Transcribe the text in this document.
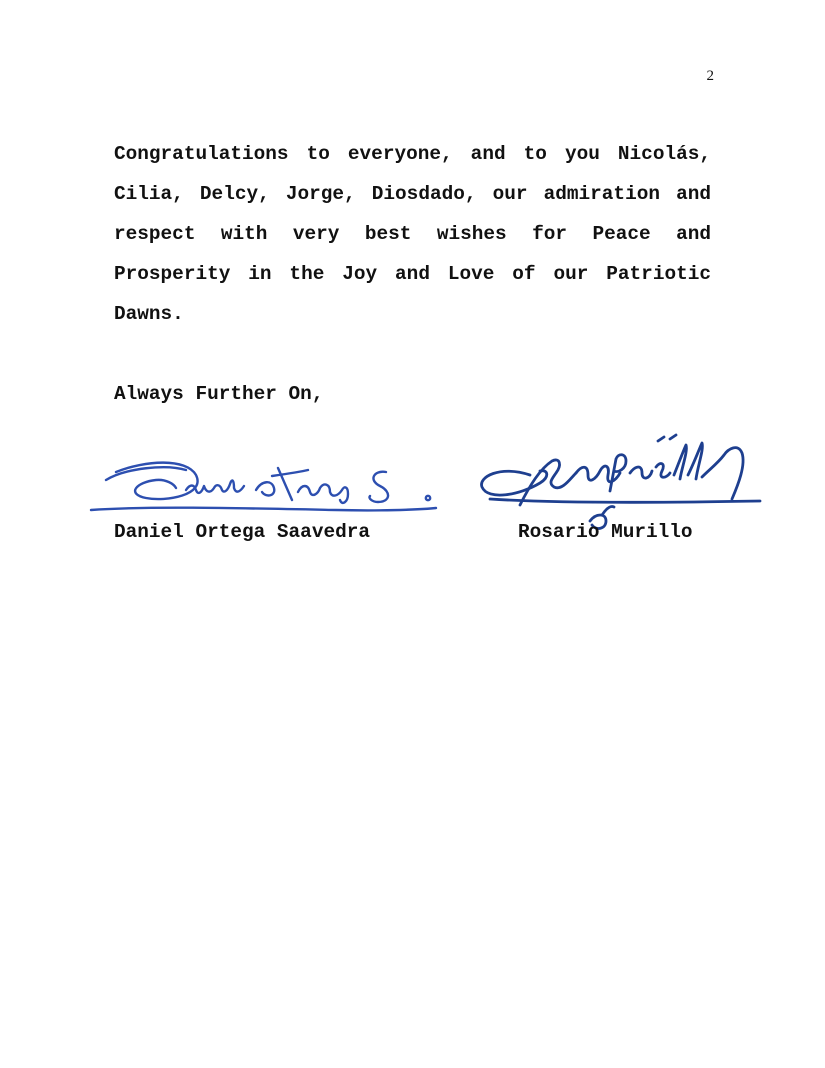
2

Congratulations to everyone, and to you Nicolás, Cilia, Delcy, Jorge, Diosdado, our admiration and respect with very best wishes for Peace and Prosperity in the Joy and Love of our Patriotic Dawns.

Always Further On,

Daniel Ortega Saavedra	Rosario Murillo
